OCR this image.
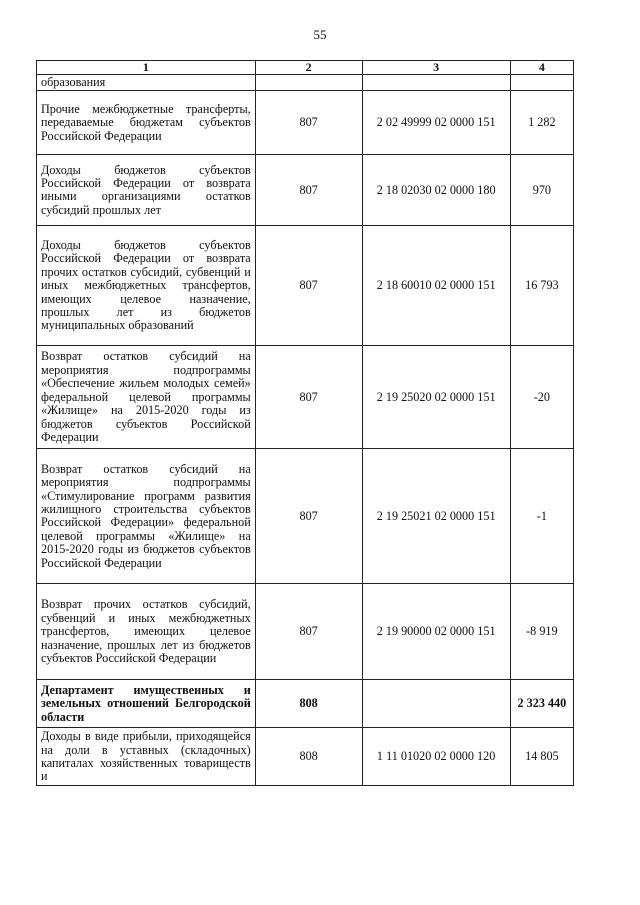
55
1	2	3	4
образования			
Прочие межбюджетные трансферты, передаваемые бюджетам субъектов Российской Федерации	807	2 02 49999 02 0000 151	1 282
Доходы бюджетов субъектов Российской Федерации от возврата иными организациями остатков субсидий прошлых лет	807	2 18 02030 02 0000 180	970
Доходы бюджетов субъектов Российской Федерации от возврата прочих остатков субсидий, субвенций и иных межбюджетных трансфертов, имеющих целевое назначение, прошлых лет из бюджетов муниципальных образований	807	2 18 60010 02 0000 151	16 793
Возврат остатков субсидий на мероприятия подпрограммы «Обеспечение жильем молодых семей» федеральной целевой программы «Жилище» на 2015-2020 годы из бюджетов субъектов Российской Федерации	807	2 19 25020 02 0000 151	-20
Возврат остатков субсидий на мероприятия подпрограммы «Стимулирование программ развития жилищного строительства субъектов Российской Федерации» федеральной целевой программы «Жилище» на 2015-2020 годы из бюджетов субъектов Российской Федерации	807	2 19 25021 02 0000 151	-1
Возврат прочих остатков субсидий, субвенций и иных межбюджетных трансфертов, имеющих целевое назначение, прошлых лет из бюджетов субъектов Российской Федерации	807	2 19 90000 02 0000 151	-8 919
Департамент имущественных и земельных отношений Белгородской области	808		2 323 440
Доходы в виде прибыли, приходящейся на доли в уставных (складочных) капиталах хозяйственных товариществ и	808	1 11 01020 02 0000 120	14 805
